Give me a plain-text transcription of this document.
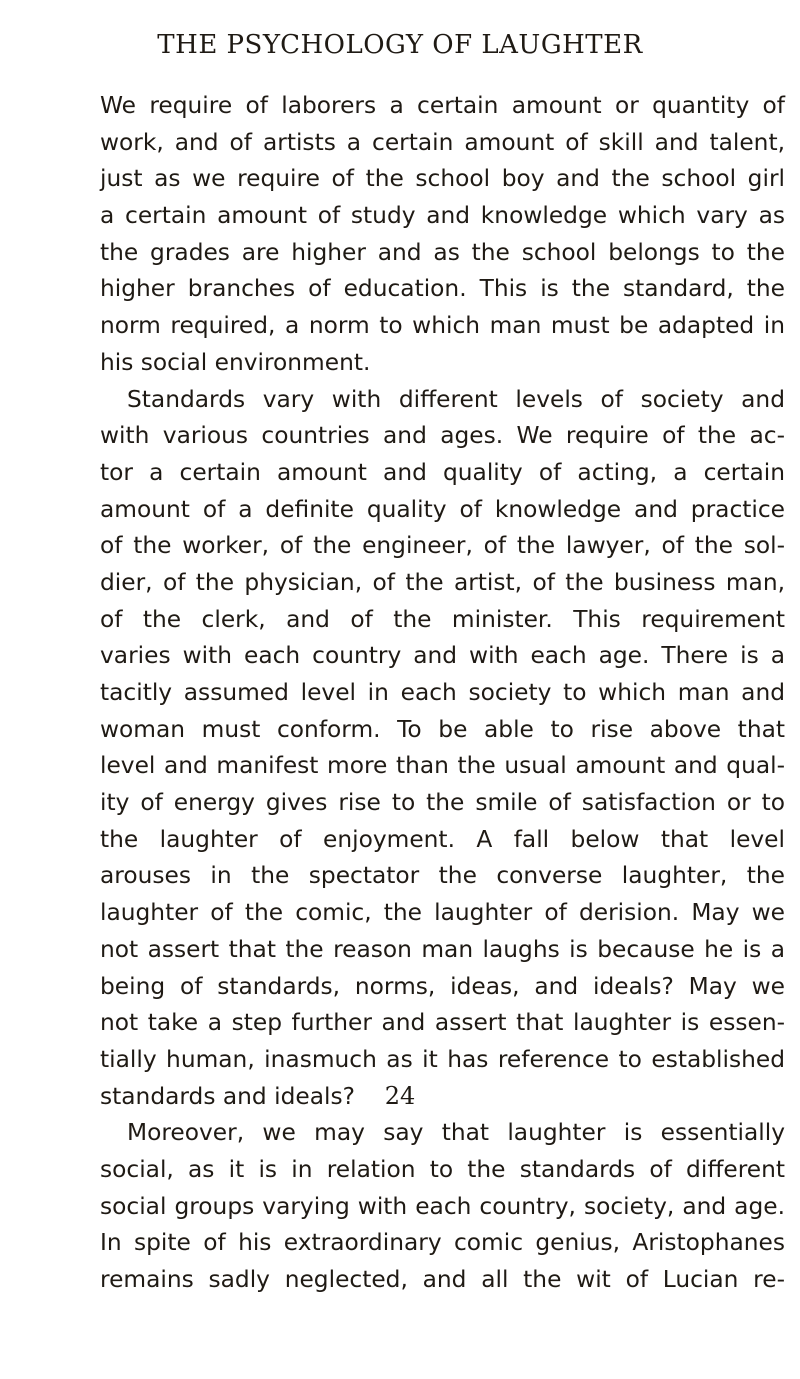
THE PSYCHOLOGY OF LAUGHTER
We require of laborers a certain amount or quantity of
work, and of artists a certain amount of skill and talent,
just as we require of the school boy and the school girl
a certain amount of study and knowledge which vary as
the grades are higher and as the school belongs to the
higher branches of education. This is the standard, the
norm required, a norm to which man must be adapted in
his social environment.
Standards vary with different levels of society and
with various countries and ages. We require of the ac-
tor a certain amount and quality of acting, a certain
amount of a definite quality of knowledge and practice
of the worker, of the engineer, of the lawyer, of the sol-
dier, of the physician, of the artist, of the business man,
of the clerk, and of the minister. This requirement
varies with each country and with each age. There is a
tacitly assumed level in each society to which man and
woman must conform. To be able to rise above that
level and manifest more than the usual amount and qual-
ity of energy gives rise to the smile of satisfaction or to
the laughter of enjoyment. A fall below that level
arouses in the spectator the converse laughter, the
laughter of the comic, the laughter of derision. May we
not assert that the reason man laughs is because he is a
being of standards, norms, ideas, and ideals? May we
not take a step further and assert that laughter is essen-
tially human, inasmuch as it has reference to established
standards and ideals?
Moreover, we may say that laughter is essentially
social, as it is in relation to the standards of different
social groups varying with each country, society, and age.
In spite of his extraordinary comic genius, Aristophanes
remains sadly neglected, and all the wit of Lucian re-
24
